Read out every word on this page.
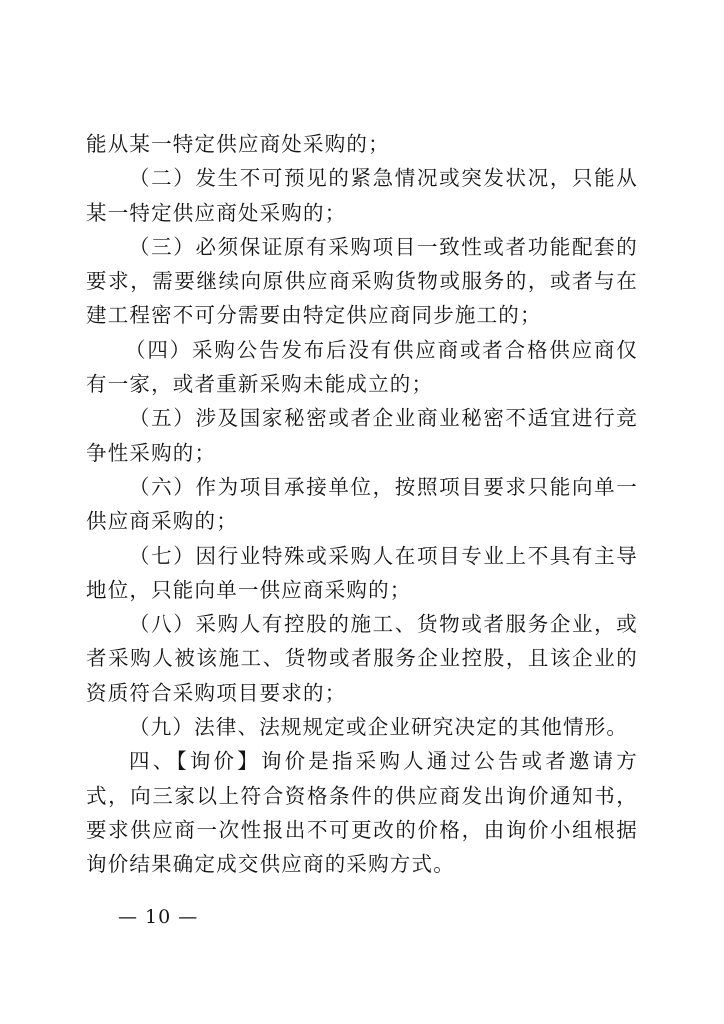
能从某一特定供应商处采购的；

（二）发生不可预见的紧急情况或突发状况，只能从某一特定供应商处采购的；

（三）必须保证原有采购项目一致性或者功能配套的要求，需要继续向原供应商采购货物或服务的，或者与在建工程密不可分需要由特定供应商同步施工的；

（四）采购公告发布后没有供应商或者合格供应商仅有一家，或者重新采购未能成立的；

（五）涉及国家秘密或者企业商业秘密不适宜进行竞争性采购的；

（六）作为项目承接单位，按照项目要求只能向单一供应商采购的；

（七）因行业特殊或采购人在项目专业上不具有主导地位，只能向单一供应商采购的；

（八）采购人有控股的施工、货物或者服务企业，或者采购人被该施工、货物或者服务企业控股，且该企业的资质符合采购项目要求的；

（九）法律、法规规定或企业研究决定的其他情形。

四、【询价】询价是指采购人通过公告或者邀请方式，向三家以上符合资格条件的供应商发出询价通知书，要求供应商一次性报出不可更改的价格，由询价小组根据询价结果确定成交供应商的采购方式。

— 10 —
